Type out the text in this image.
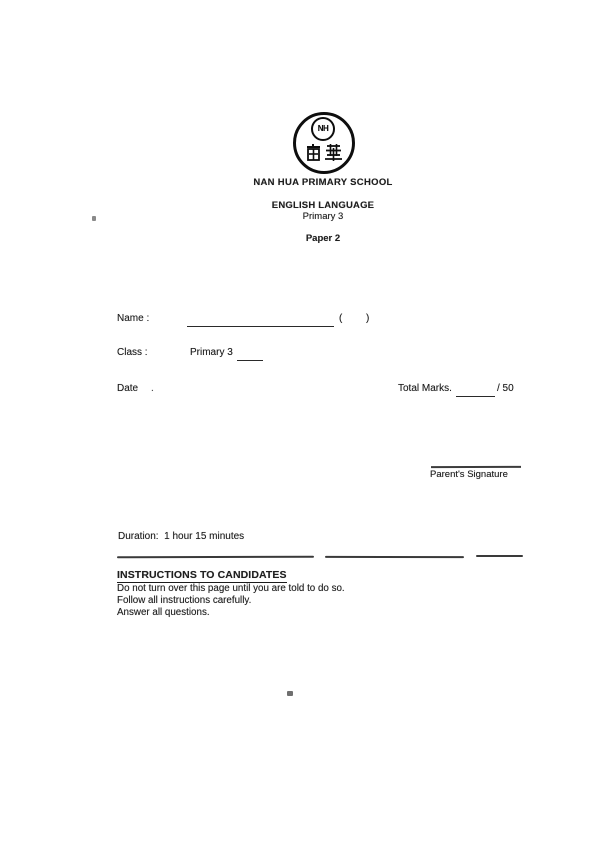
NH
NAN HUA PRIMARY SCHOOL
ENGLISH LANGUAGE
Primary 3
Paper 2
Name :	( )
Class :	Primary 3
Date .	Total Marks.	/ 50
Parent's Signature
Duration:  1 hour 15 minutes
INSTRUCTIONS TO CANDIDATES
Do not turn over this page until you are told to do so.
Follow all instructions carefully.
Answer all questions.
